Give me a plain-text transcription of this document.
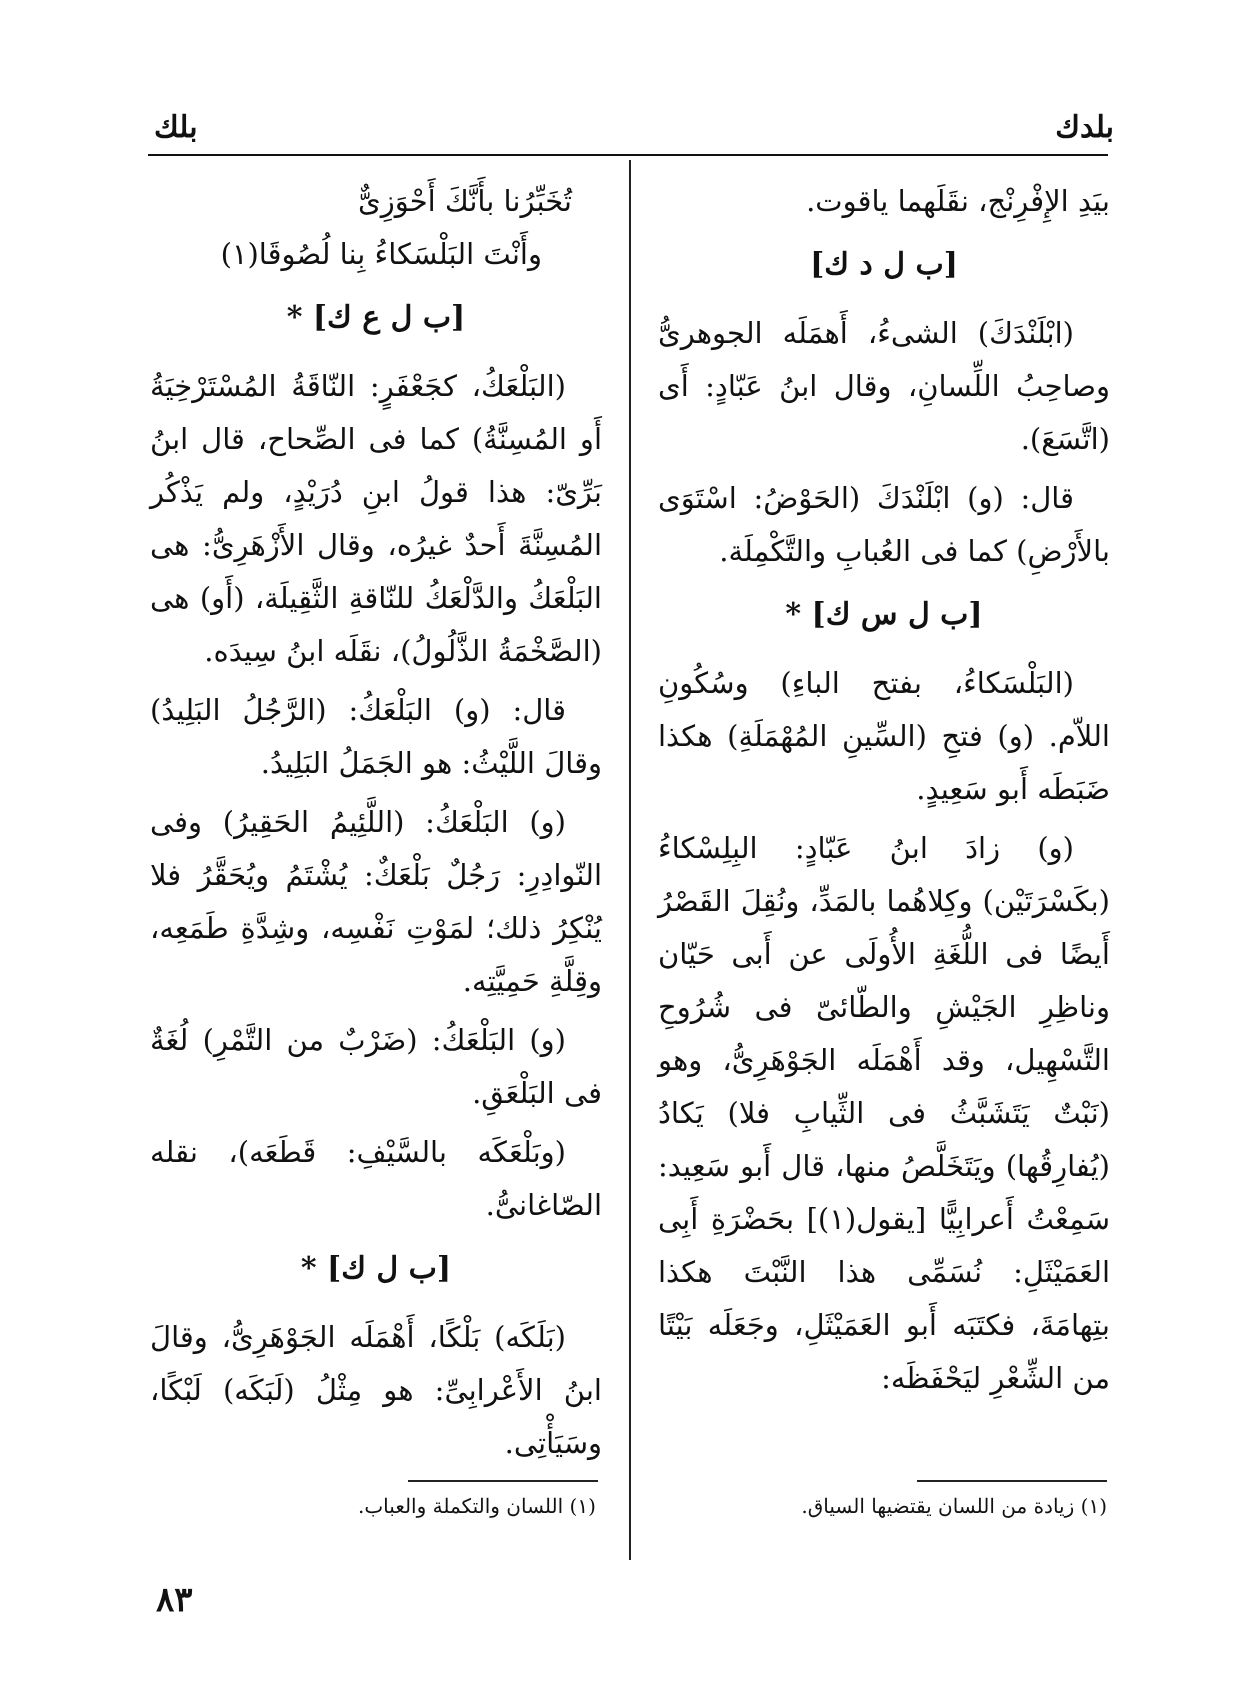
بلدك
بلك

بيَدِ الإِفْرِنْج، نقَلَهما ياقوت.

[ب ل د ك]

(ابْلَنْدَكَ) الشىءُ، أَهمَلَه الجوهرىُّ وصاحِبُ اللِّسانِ، وقال ابنُ عَبّادٍ: أَى (اتَّسَعَ).

قال: (و) ابْلَنْدَكَ (الحَوْضُ: اسْتَوَى بالأَرْضِ) كما فى العُبابِ والتَّكْمِلَة.

[ب ل س ك] *

(البَلْسَكاءُ، بفتح الباءِ) وسُكُونِ اللاّم. (و) فتحِ (السِّينِ المُهْمَلَةِ) هكذا ضَبَطَه أَبو سَعِيدٍ.

(و) زادَ ابنُ عَبّادٍ: البِلِسْكاءُ (بكَسْرَتَيْن) وكِلاهُما بالمَدِّ، ونُقِلَ القَصْرُ أَيضًا فى اللُّغَةِ الأُولَى عن أَبى حَيّان وناظِرِ الجَيْشِ والطّائىّ فى شُرُوحِ التَّسْهِيل، وقد أَهْمَلَه الجَوْهَرِىُّ، وهو (نَبْتٌ يَتَشَبَّثُ فى الثِّيابِ فلا) يَكادُ (يُفارِقُها) ويَتَخَلَّصُ منها، قال أَبو سَعِيد: سَمِعْتُ أَعرابِيًّا [يقول(١)] بحَضْرَةِ أَبِى العَمَيْثَلِ: نُسَمِّى هذا النَّبْتَ هكذا بتِهامَةَ، فكتَبَه أَبو العَمَيْثَلِ، وجَعَلَه بَيْتًا من الشِّعْرِ ليَحْفَظَه:

تُخَبِّرُنا بأَنَّكَ أَحْوَزِىٌّ
وأَنْتَ البَلْسَكاءُ بِنا لُصُوقَا(١)
[ب ل ع ك] *

(البَلْعَكُ، كجَعْفَرٍ: النّاقَةُ المُسْتَرْخِيَةُ أَو المُسِنَّةُ) كما فى الصِّحاح، قال ابنُ بَرِّىّ: هذا قولُ ابنِ دُرَيْدٍ، ولم يَذْكُر المُسِنَّةَ أَحدٌ غيرُه، وقال الأَزْهَرِىُّ: هى البَلْعَكُ والدَّلْعَكُ للنّاقةِ الثَّقِيلَة، (أَو) هى (الصَّخْمَةُ الذَّلُولُ)، نقَلَه ابنُ سِيدَه.

قال: (و) البَلْعَكُ: (الرَّجُلُ البَلِيدُ) وقالَ اللَّيْثُ: هو الجَمَلُ البَلِيدُ.

(و) البَلْعَكُ: (اللَّئِيمُ الحَقِيرُ) وفى النّوادِرِ: رَجُلٌ بَلْعَكٌ: يُشْتَمُ ويُحَقَّرُ فلا يُنْكِرُ ذلك؛ لمَوْتِ نَفْسِه، وشِدَّةِ طَمَعِه، وقِلَّةِ حَمِيَّتِه.

(و) البَلْعَكُ: (ضَرْبٌ من التَّمْرِ) لُغَةٌ فى البَلْعَقِ.

(وبَلْعَكَه بالسَّيْفِ: قَطَعَه)، نقله الصّاغانىُّ.

[ب ل ك] *

(بَلَكَه) بَلْكًا، أَهْمَلَه الجَوْهَرِىُّ، وقالَ ابنُ الأَعْرابِىِّ: هو مِثْلُ (لَبَكَه) لَبْكًا، وسَيَأْتِى.

(١) زيادة من اللسان يقتضيها السياق.
(١) اللسان والتكملة والعباب.
٨٣
